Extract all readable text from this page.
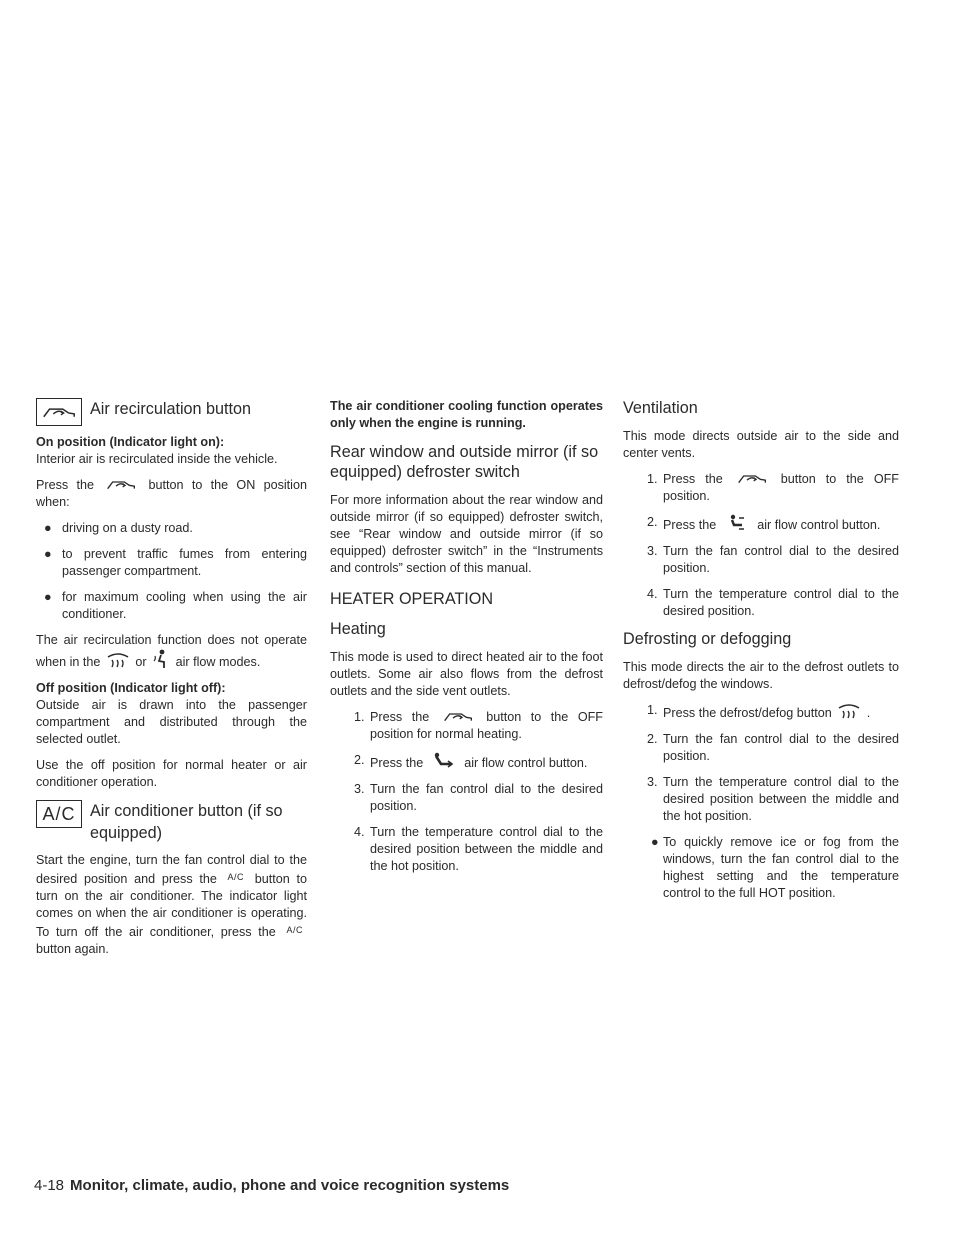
Air recirculation button
On position (Indicator light on):

Interior air is recirculated inside the vehicle.

Press the	button to the ON position when:

● driving on a dusty road.
● to prevent traffic fumes from entering passenger compartment.
● for maximum cooling when using the air conditioner.

The air recirculation function does not operate when in the	or air flow modes.

Off position (Indicator light off):

Outside air is drawn into the passenger compartment and distributed through the selected outlet.

Use the off position for normal heater or air conditioner operation.

A/C Air conditioner button (if so equipped)

Start the engine, turn the fan control dial to the desired position and press the A/C button to turn on the air conditioner. The indicator light comes on when the air conditioner is operating. To turn off the air conditioner, press the A/C button again.

The air conditioner cooling function operates only when the engine is running.

Rear window and outside mirror (if so equipped) defroster switch

For more information about the rear window and outside mirror (if so equipped) defroster switch, see “Rear window and outside mirror (if so equipped) defroster switch” in the “Instruments and controls” section of this manual.

HEATER OPERATION
Heating

This mode is used to direct heated air to the foot outlets. Some air also flows from the defrost outlets and the side vent outlets.

1. Press the	button to the OFF position for normal heating.
2. Press the	air flow control button.
3. Turn the fan control dial to the desired position.
4. Turn the temperature control dial to the desired position between the middle and the hot position.
Ventilation

This mode directs outside air to the side and center vents.

1. Press the	button to the OFF position.
2. Press the	air flow control button.
3. Turn the fan control dial to the desired position.
4. Turn the temperature control dial to the desired position.
Defrosting or defogging

This mode directs the air to the defrost outlets to defrost/defog the windows.

1. Press the defrost/defog button	.
2. Turn the fan control dial to the desired position.
3. Turn the temperature control dial to the desired position between the middle and the hot position.
● To quickly remove ice or fog from the windows, turn the fan control dial to the highest setting and the temperature control to the full HOT position.
4-18 Monitor, climate, audio, phone and voice recognition systems
